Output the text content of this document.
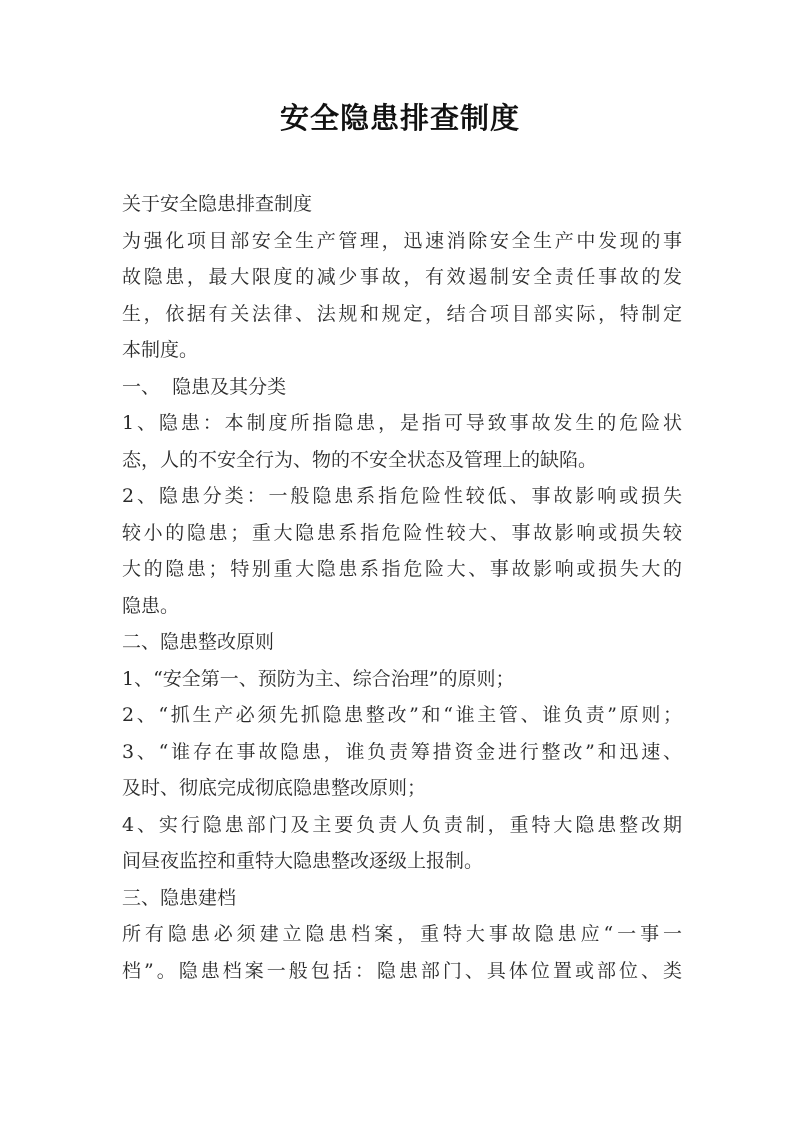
安全隐患排查制度
关于安全隐患排查制度
为强化项目部安全生产管理，迅速消除安全生产中发现的事
故隐患，最大限度的减少事故，有效遏制安全责任事故的发
生，依据有关法律、法规和规定，结合项目部实际，特制定
本制度。
一、  隐患及其分类
1、隐患：本制度所指隐患，是指可导致事故发生的危险状
态，人的不安全行为、物的不安全状态及管理上的缺陷。
2、隐患分类：一般隐患系指危险性较低、事故影响或损失
较小的隐患；重大隐患系指危险性较大、事故影响或损失较
大的隐患；特别重大隐患系指危险大、事故影响或损失大的
隐患。
二、隐患整改原则
1、“安全第一、预防为主、综合治理”的原则；
2、“抓生产必须先抓隐患整改”和“谁主管、谁负责”原则；
3、“谁存在事故隐患，谁负责筹措资金进行整改”和迅速、
及时、彻底完成彻底隐患整改原则；
4、实行隐患部门及主要负责人负责制，重特大隐患整改期
间昼夜监控和重特大隐患整改逐级上报制。
三、隐患建档
所有隐患必须建立隐患档案，重特大事故隐患应“一事一
档”。隐患档案一般包括：隐患部门、具体位置或部位、类
